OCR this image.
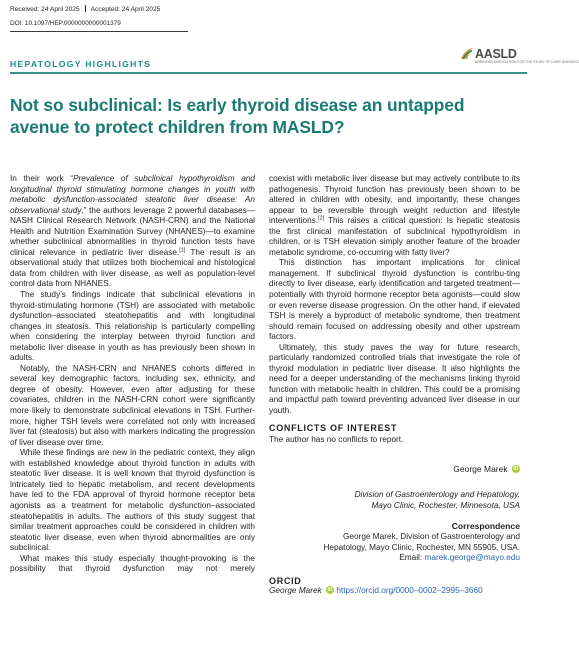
Received: 24 April 2025 Accepted: 24 April 2025
DOI: 10.1097/HEP.0000000000001379
AASLD
AMERICAN ASSOCIATION FOR THE STUDY OF LIVER DISEASES
HEPATOLOGY HIGHLIGHTS
Not so subclinical: Is early thyroid disease an untapped avenue to protect children from MASLD?

In their work “Prevalence of subclinical hypothyroidism and longitudinal thyroid stimulating hormone changes in youth with metabolic dysfunction-associated steatotic liver disease: An observational study,” the authors leverage 2 powerful databases—NASH Clinical Research Network (NASH-CRN) and the National Health and Nutrition Examination Survey (NHANES)—to examine whether subclinical abnormalities in thyroid function tests have clinical relevance in pediatric liver disease.[1] The result is an observational study that utilizes both biochemical and histological data from children with liver disease, as well as population-level control data from NHANES.

The study’s findings indicate that subclinical elevations in thyroid-stimulating hormone (TSH) are associated with metabolic dysfunction–associated steatohepatitis and with longitudinal changes in steatosis. This relationship is particularly compelling when considering the interplay between thyroid function and metabolic liver disease in youth as has previously been shown in adults.

Notably, the NASH-CRN and NHANES cohorts differed in several key demographic factors, including sex, ethnicity, and degree of obesity. However, even after adjusting for these covariates, children in the NASH-CRN cohort were significantly more likely to demonstrate subclinical elevations in TSH. Further-more, higher TSH levels were correlated not only with increased liver fat (steatosis) but also with markers indicating the progression of liver disease over time.

While these findings are new in the pediatric context, they align with established knowledge about thyroid function in adults with steatotic liver disease. It is well known that thyroid dysfunction is intricately tied to hepatic metabolism, and recent developments have led to the FDA approval of thyroid hormone receptor beta agonists as a treatment for metabolic dysfunction–associated steatohepatitis in adults. The authors of this study suggest that similar treatment approaches could be considered in children with steatotic liver disease, even when thyroid abnormalities are only subclinical.

What makes this study especially thought-provoking is the possibility that thyroid dysfunction may not merely

coexist with metabolic liver disease but may actively contribute to its pathogenesis. Thyroid function has previously been shown to be altered in children with obesity, and importantly, these changes appear to be reversible through weight reduction and lifestyle interventions.[2] This raises a critical question: Is hepatic steatosis the first clinical manifestation of subclinical hypothyroidism in children, or is TSH elevation simply another feature of the broader metabolic syndrome, co-occurring with fatty liver?

This distinction has important implications for clinical management. If subclinical thyroid dysfunction is contribu-ting directly to liver disease, early identification and targeted treatment—potentially with thyroid hormone receptor beta agonists—could slow or even reverse disease progression. On the other hand, if elevated TSH is merely a byproduct of metabolic syndrome, then treatment should remain focused on addressing obesity and other upstream factors.

Ultimately, this study paves the way for future research, particularly randomized controlled trials that investigate the role of thyroid modulation in pediatric liver disease. It also highlights the need for a deeper understanding of the mechanisms linking thyroid function with metabolic health in children. This could be a promising and impactful path toward preventing advanced liver disease in our youth.

CONFLICTS OF INTEREST
The author has no conflicts to report.
George Marek	iD
Division of Gastroenterology and Hepatology,
Mayo Clinic, Rochester, Minnesota, USA
Correspondence
George Marek, Division of Gastroenterology and
Hepatology, Mayo Clinic, Rochester, MN 55905, USA.
Email: marek.george@mayo.edu
ORCID
George Marek	iD https://orcid.org/0000–0002–2995–3660
